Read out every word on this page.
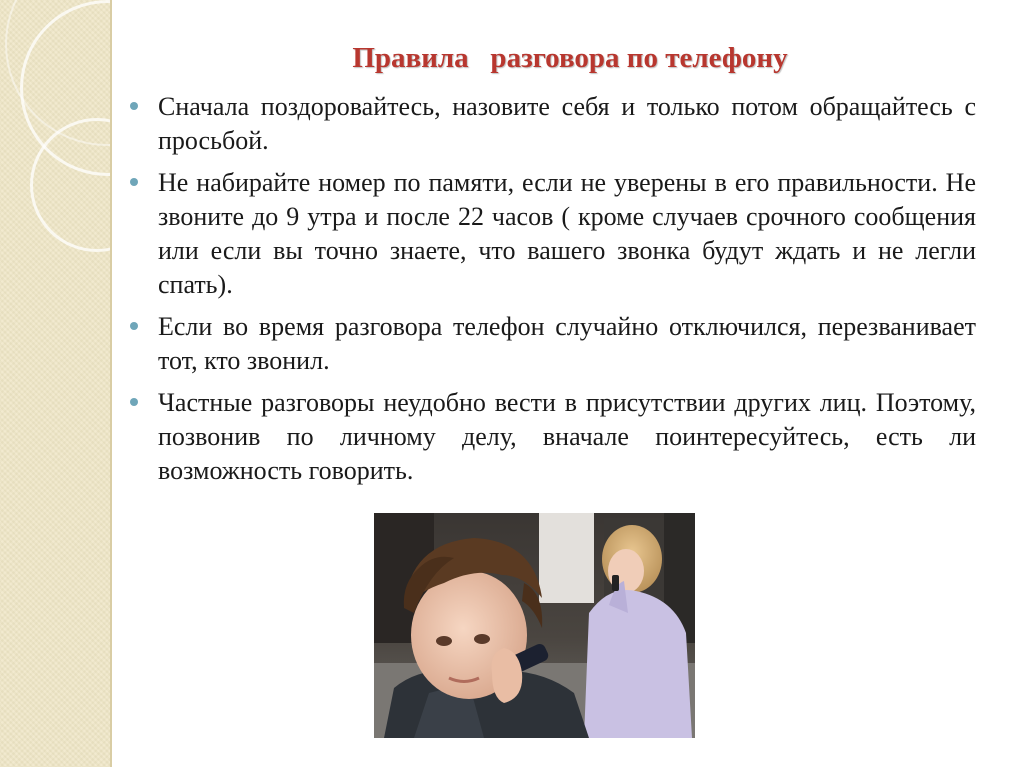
Правила   разговора по телефону
Сначала поздоровайтесь, назовите себя и только потом обращайтесь с просьбой.
Не набирайте номер по памяти, если не уверены в его правильности. Не звоните до 9 утра и после 22 часов ( кроме случаев срочного сообщения или если вы точно знаете, что вашего звонка будут ждать и не легли спать).
Если во время разговора телефон случайно отключился, перезванивает тот, кто звонил.
Частные разговоры неудобно вести в присутствии других лиц. Поэтому, позвонив по личному делу, вначале поинтересуйтесь, есть ли возможность говорить.
